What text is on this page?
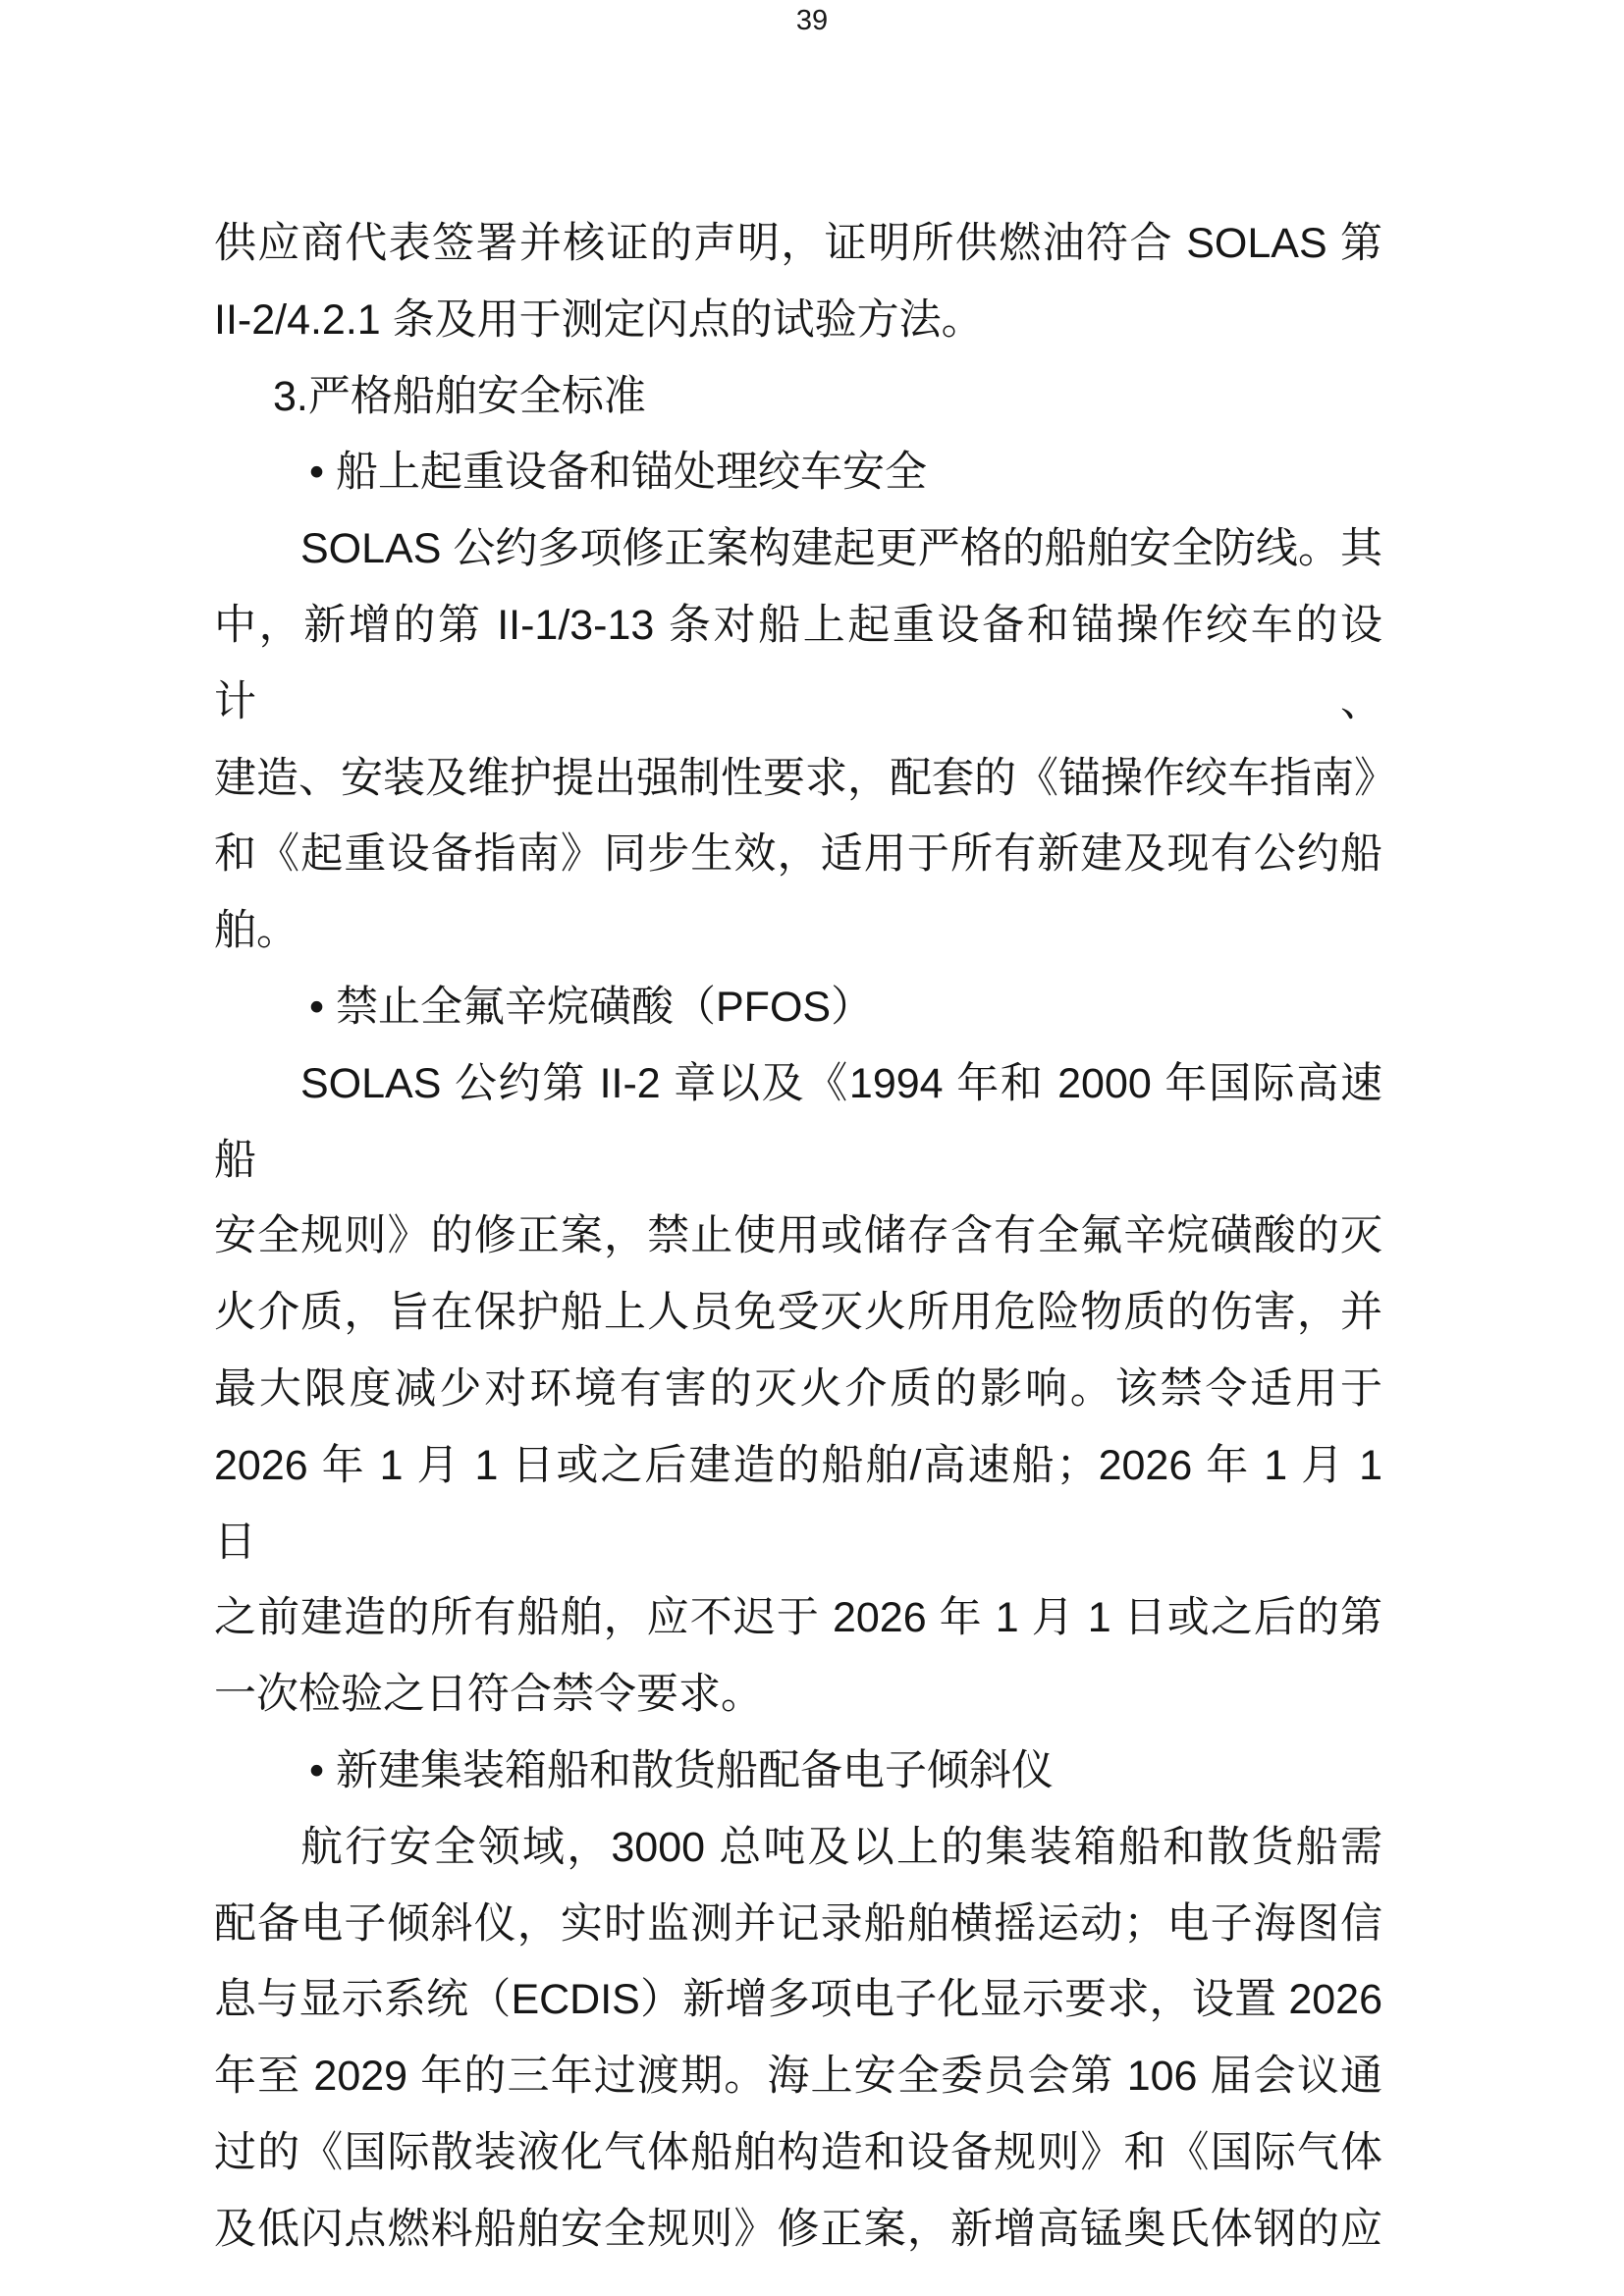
39
供应商代表签署并核证的声明，证明所供燃油符合 SOLAS 第
II-2/4.2.1 条及用于测定闪点的试验方法。
3.严格船舶安全标准
• 船上起重设备和锚处理绞车安全
SOLAS 公约多项修正案构建起更严格的船舶安全防线。其
中，新增的第 II-1/3-13 条对船上起重设备和锚操作绞车的设计、
建造、安装及维护提出强制性要求，配套的《锚操作绞车指南》
和《起重设备指南》同步生效，适用于所有新建及现有公约船
舶。
• 禁止全氟辛烷磺酸（PFOS）
SOLAS 公约第 II-2 章以及《1994 年和 2000 年国际高速船
安全规则》的修正案，禁止使用或储存含有全氟辛烷磺酸的灭
火介质，旨在保护船上人员免受灭火所用危险物质的伤害，并
最大限度减少对环境有害的灭火介质的影响。该禁令适用于
2026 年 1 月 1 日或之后建造的船舶/高速船；2026 年 1 月 1 日
之前建造的所有船舶，应不迟于 2026 年 1 月 1 日或之后的第
一次检验之日符合禁令要求。
• 新建集装箱船和散货船配备电子倾斜仪
航行安全领域，3000 总吨及以上的集装箱船和散货船需
配备电子倾斜仪，实时监测并记录船舶横摇运动；电子海图信
息与显示系统（ECDIS）新增多项电子化显示要求，设置 2026
年至 2029 年的三年过渡期。海上安全委员会第 106 届会议通
过的《国际散装液化气体船舶构造和设备规则》和《国际气体
及低闪点燃料船舶安全规则》修正案，新增高锰奥氏体钢的应
